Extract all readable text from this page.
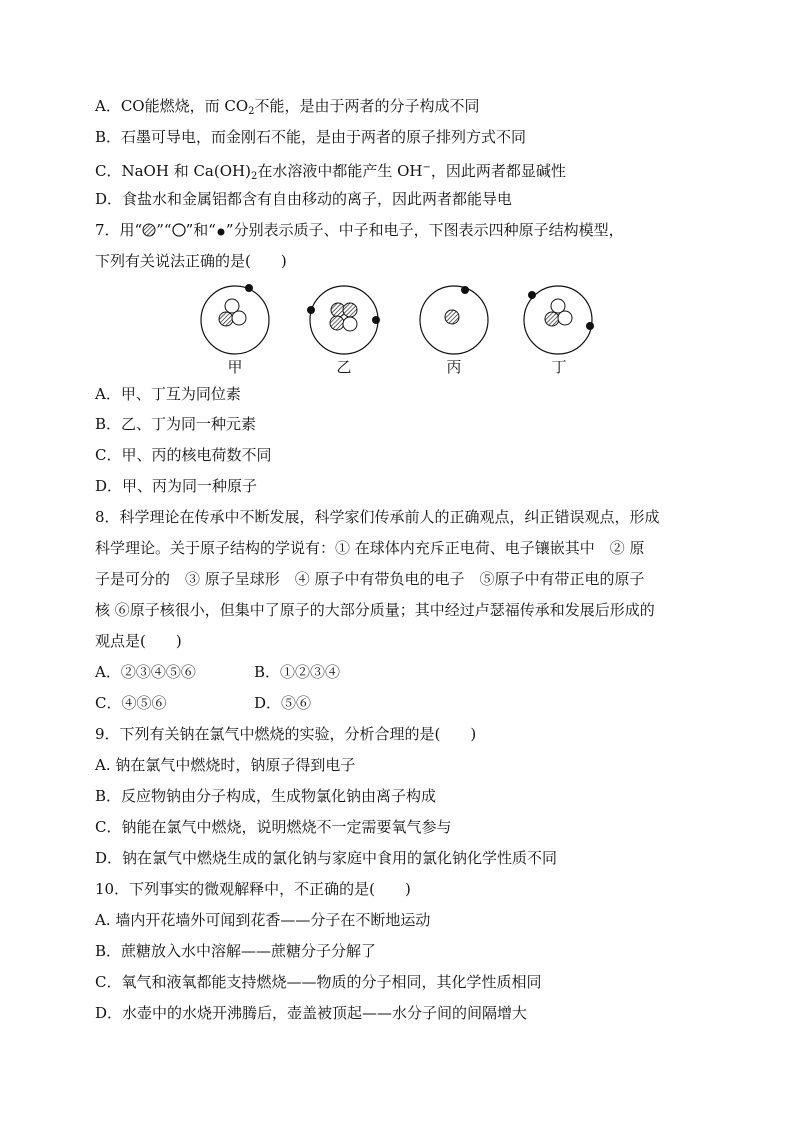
A．CO能燃烧，而 $CO_2$不能，是由于两者的分子构成不同
B．石墨可导电，而金刚石不能，是由于两者的原子排列方式不同
C．NaOH 和 $Ca(OH)_2$在水溶液中都能产生 OH−，因此两者都显碱性
D．食盐水和金属铝都含有自由移动的离子，因此两者都能导电
7．用“ ”“ ”和“ ”分别表示质子、中子和电子，下图表示四种原子结构模型，
下列有关说法正确的是(　　)
甲	乙	丙	丁
A．甲、丁互为同位素
B．乙、丁为同一种元素
C．甲、丙的核电荷数不同
D．甲、丙为同一种原子
8．科学理论在传承中不断发展，科学家们传承前人的正确观点，纠正错误观点，形成
科学理论。关于原子结构的学说有：① 在球体内充斥正电荷、电子镶嵌其中　② 原
子是可分的　③ 原子呈球形　④ 原子中有带负电的电子　⑤原子中有带正电的原子
核 ⑥原子核很小，但集中了原子的大部分质量；其中经过卢瑟福传承和发展后形成的
观点是(　　)
A．②③④⑤⑥	B．①②③④
C．④⑤⑥	D．⑤⑥
9．下列有关钠在氯气中燃烧的实验，分析合理的是(　　)
A. 钠在氯气中燃烧时，钠原子得到电子
B．反应物钠由分子构成，生成物氯化钠由离子构成
C．钠能在氯气中燃烧，说明燃烧不一定需要氧气参与
D．钠在氯气中燃烧生成的氯化钠与家庭中食用的氯化钠化学性质不同
10．下列事实的微观解释中，不正确的是(　　)
A. 墙内开花墙外可闻到花香——分子在不断地运动
B．蔗糖放入水中溶解——蔗糖分子分解了
C．氧气和液氧都能支持燃烧——物质的分子相同，其化学性质相同
D．水壶中的水烧开沸腾后，壶盖被顶起——水分子间的间隔增大
